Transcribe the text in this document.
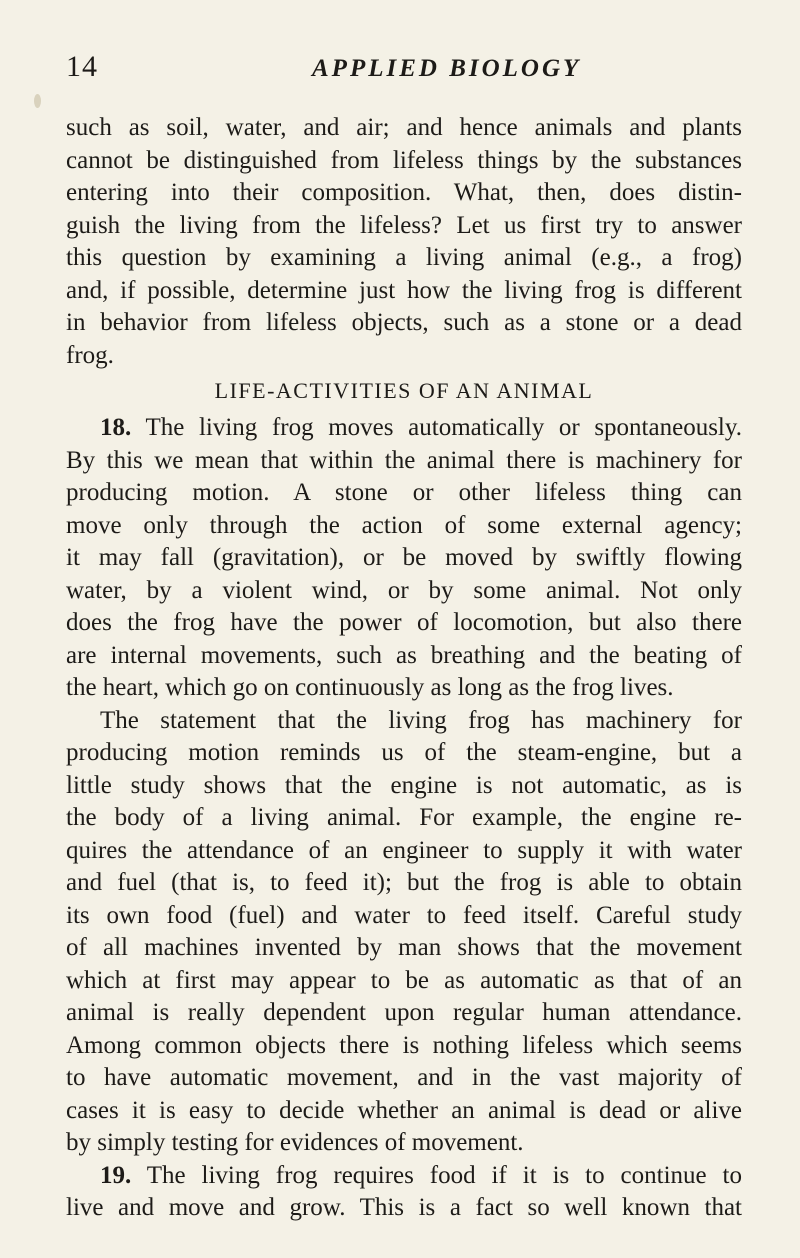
14	APPLIED BIOLOGY
such as soil, water, and air; and hence animals and plants
cannot be distinguished from lifeless things by the substances
entering into their composition. What, then, does distin-
guish the living from the lifeless? Let us first try to answer
this question by examining a living animal (e.g., a frog)
and, if possible, determine just how the living frog is different
in behavior from lifeless objects, such as a stone or a dead
frog.
LIFE-ACTIVITIES OF AN ANIMAL
18. The living frog moves automatically or spontaneously.
By this we mean that within the animal there is machinery for
producing motion. A stone or other lifeless thing can
move only through the action of some external agency;
it may fall (gravitation), or be moved by swiftly flowing
water, by a violent wind, or by some animal. Not only
does the frog have the power of locomotion, but also there
are internal movements, such as breathing and the beating of
the heart, which go on continuously as long as the frog lives.
The statement that the living frog has machinery for
producing motion reminds us of the steam-engine, but a
little study shows that the engine is not automatic, as is
the body of a living animal. For example, the engine re-
quires the attendance of an engineer to supply it with water
and fuel (that is, to feed it); but the frog is able to obtain
its own food (fuel) and water to feed itself. Careful study
of all machines invented by man shows that the movement
which at first may appear to be as automatic as that of an
animal is really dependent upon regular human attendance.
Among common objects there is nothing lifeless which seems
to have automatic movement, and in the vast majority of
cases it is easy to decide whether an animal is dead or alive
by simply testing for evidences of movement.
19. The living frog requires food if it is to continue to
live and move and grow. This is a fact so well known that
